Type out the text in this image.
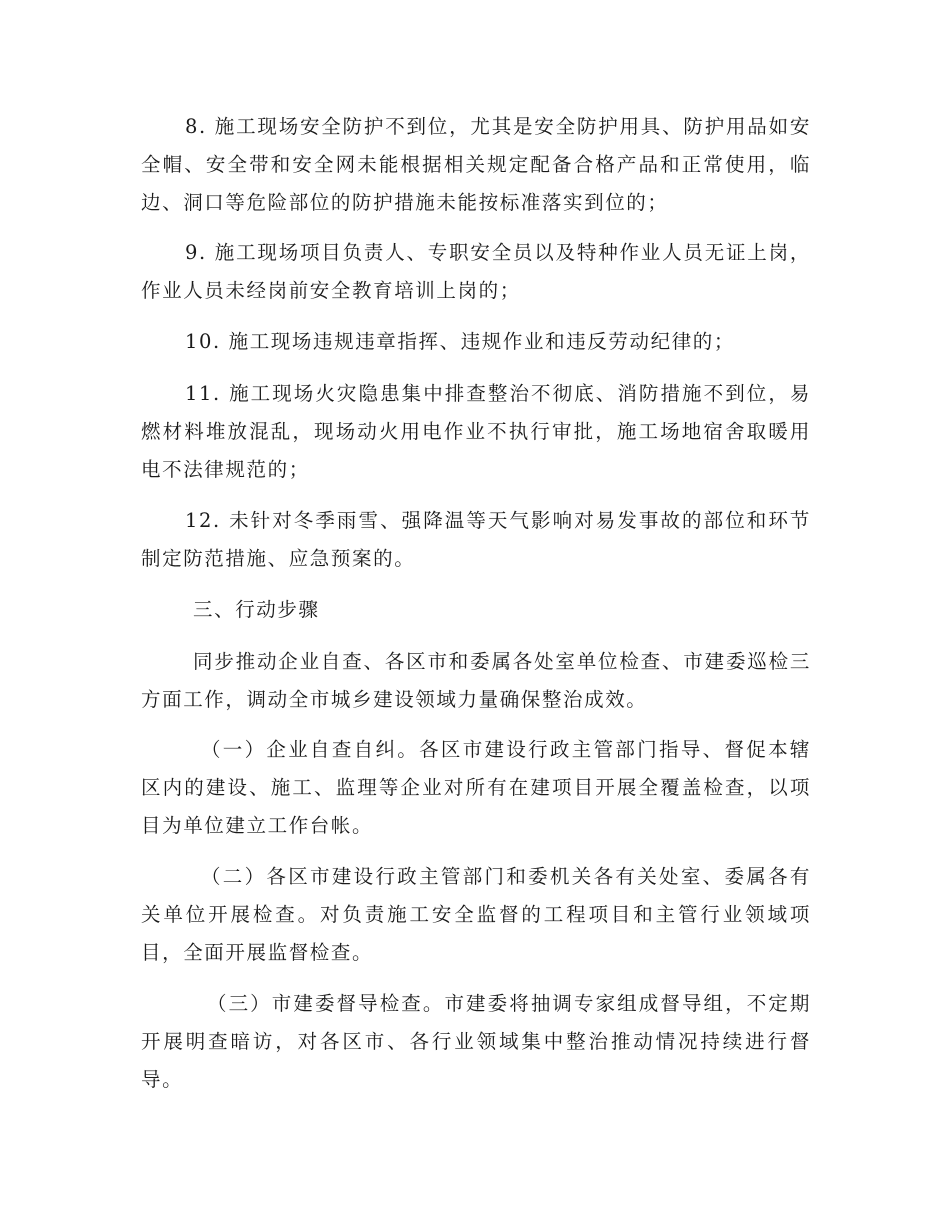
8. 施工现场安全防护不到位，尤其是安全防护用具、防护用品如安全帽、安全带和安全网未能根据相关规定配备合格产品和正常使用，临边、洞口等危险部位的防护措施未能按标准落实到位的；

9. 施工现场项目负责人、专职安全员以及特种作业人员无证上岗，作业人员未经岗前安全教育培训上岗的；

10. 施工现场违规违章指挥、违规作业和违反劳动纪律的；

11. 施工现场火灾隐患集中排查整治不彻底、消防措施不到位，易燃材料堆放混乱，现场动火用电作业不执行审批，施工场地宿舍取暖用电不法律规范的；

12. 未针对冬季雨雪、强降温等天气影响对易发事故的部位和环节制定防范措施、应急预案的。

三、行动步骤

同步推动企业自查、各区市和委属各处室单位检查、市建委巡检三方面工作，调动全市城乡建设领域力量确保整治成效。

（一）企业自查自纠。各区市建设行政主管部门指导、督促本辖区内的建设、施工、监理等企业对所有在建项目开展全覆盖检查，以项目为单位建立工作台帐。

（二）各区市建设行政主管部门和委机关各有关处室、委属各有关单位开展检查。对负责施工安全监督的工程项目和主管行业领域项目，全面开展监督检查。

（三）市建委督导检查。市建委将抽调专家组成督导组，不定期开展明查暗访，对各区市、各行业领域集中整治推动情况持续进行督导。
